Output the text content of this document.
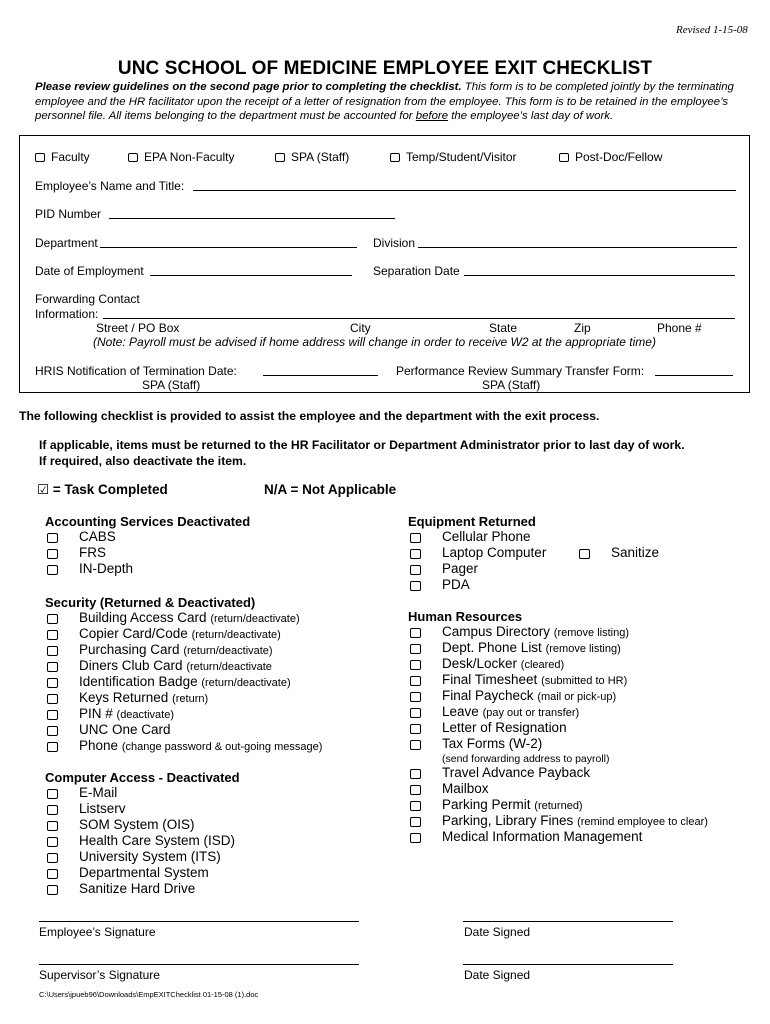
Revised 1-15-08
UNC SCHOOL OF MEDICINE EMPLOYEE EXIT CHECKLIST
Please review guidelines on the second page prior to completing the checklist. This form is to be completed jointly by the terminating employee and the HR facilitator upon the receipt of a letter of resignation from the employee. This form is to be retained in the employee’s personnel file. All items belonging to the department must be accounted for before the employee’s last day of work.
Faculty	EPA Non-Faculty	SPA (Staff)	Temp/Student/Visitor	Post-Doc/Fellow
Employee’s Name and Title:
PID Number
Department	Division
Date of Employment	Separation Date
Forwarding Contact
Information:
Street / PO Box	City	State	Zip	Phone #
(Note: Payroll must be advised if home address will change in order to receive W2 at the appropriate time)
HRIS Notification of Termination Date:
SPA (Staff)
Performance Review Summary Transfer Form:
SPA (Staff)
The following checklist is provided to assist the employee and the department with the exit process.
If applicable, items must be returned to the HR Facilitator or Department Administrator prior to last day of work.
If required, also deactivate the item.
☑ = Task Completed	N/A = Not Applicable
Accounting Services Deactivated
CABS
FRS
IN-Depth
Security (Returned & Deactivated)
Building Access Card (return/deactivate)
Copier Card/Code (return/deactivate)
Purchasing Card (return/deactivate)
Diners Club Card (return/deactivate
Identification Badge (return/deactivate)
Keys Returned (return)
PIN # (deactivate)
UNC One Card
Phone (change password & out-going message)
Computer Access - Deactivated
E-Mail
Listserv
SOM System (OIS)
Health Care System (ISD)
University System (ITS)
Departmental System
Sanitize Hard Drive
Equipment Returned
Cellular Phone
Laptop Computer	Sanitize
Pager
PDA
Human Resources
Campus Directory (remove listing)
Dept. Phone List (remove listing)
Desk/Locker (cleared)
Final Timesheet (submitted to HR)
Final Paycheck (mail or pick-up)
Leave (pay out or transfer)
Letter of Resignation
Tax Forms (W-2)
(send forwarding address to payroll)
Travel Advance Payback
Mailbox
Parking Permit (returned)
Parking, Library Fines (remind employee to clear)
Medical Information Management
Employee’s Signature	Date Signed
Supervisor’s Signature	Date Signed
C:\Users\jpueb96\Downloads\EmpEXITChecklist 01-15-08 (1).doc
